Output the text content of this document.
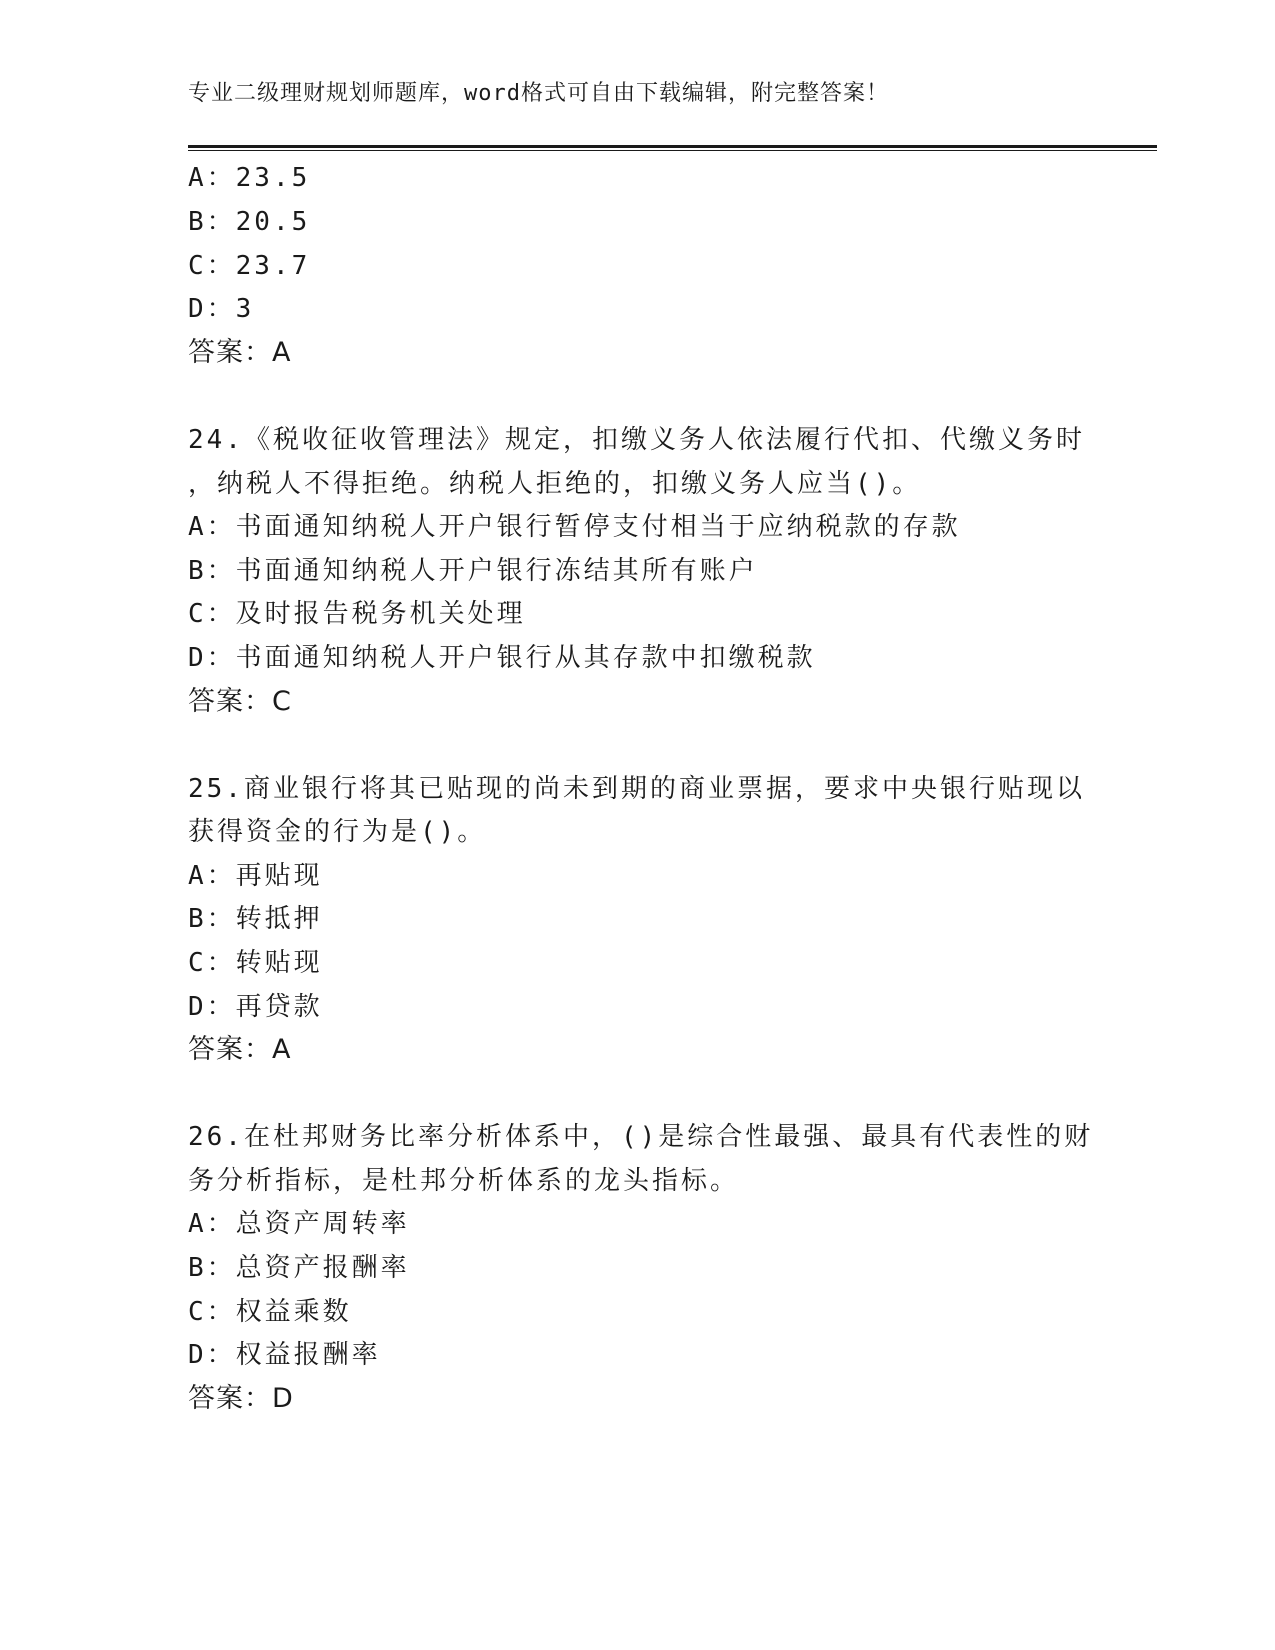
专业二级理财规划师题库，word格式可自由下载编辑，附完整答案！
A：23.5
B：20.5
C：23.7
D：3
答案：A
24.《税收征收管理法》规定，扣缴义务人依法履行代扣、代缴义务时
，纳税人不得拒绝。纳税人拒绝的，扣缴义务人应当()。
A：书面通知纳税人开户银行暂停支付相当于应纳税款的存款
B：书面通知纳税人开户银行冻结其所有账户
C：及时报告税务机关处理
D：书面通知纳税人开户银行从其存款中扣缴税款
答案：C
25.商业银行将其已贴现的尚未到期的商业票据，要求中央银行贴现以
获得资金的行为是()。
A：再贴现
B：转抵押
C：转贴现
D：再贷款
答案：A
26.在杜邦财务比率分析体系中，()是综合性最强、最具有代表性的财
务分析指标，是杜邦分析体系的龙头指标。
A：总资产周转率
B：总资产报酬率
C：权益乘数
D：权益报酬率
答案：D
